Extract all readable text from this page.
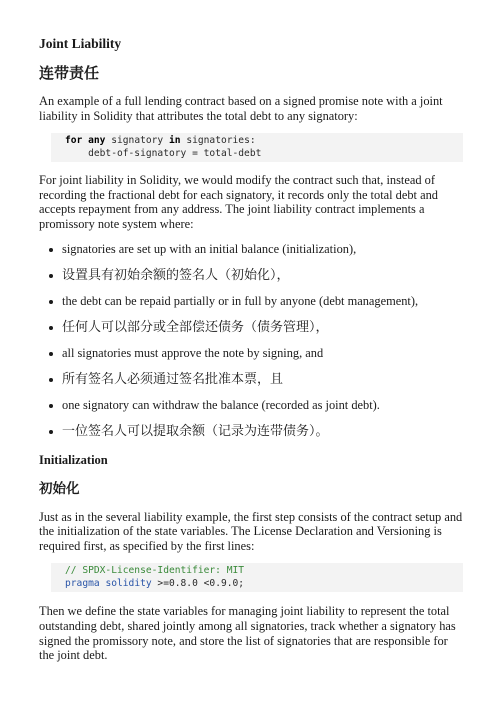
Joint Liability
连带责任

An example of a full lending contract based on a signed promise note with a joint liability in Solidity that attributes the total debt to any signatory:

for any signatory in signatories:
debt-of-signatory = total-debt

For joint liability in Solidity, we would modify the contract such that, instead of recording the fractional debt for each signatory, it records only the total debt and accepts repayment from any address. The joint liability contract implements a promissory note system where:

signatories are set up with an initial balance (initialization),
设置具有初始余额的签名人（初始化），
the debt can be repaid partially or in full by anyone (debt management),
任何人可以部分或全部偿还债务（债务管理），
all signatories must approve the note by signing, and
所有签名人必须通过签名批准本票，且
one signatory can withdraw the balance (recorded as joint debt).
一位签名人可以提取余额（记录为连带债务）。
Initialization
初始化

Just as in the several liability example, the first step consists of the contract setup and the initialization of the state variables. The License Declaration and Versioning is required first, as specified by the first lines:

// SPDX-License-Identifier: MIT
pragma solidity >=0.8.0 <0.9.0;

Then we define the state variables for managing joint liability to represent the total outstanding debt, shared jointly among all signatories, track whether a signatory has signed the promissory note, and store the list of signatories that are responsible for the joint debt.
